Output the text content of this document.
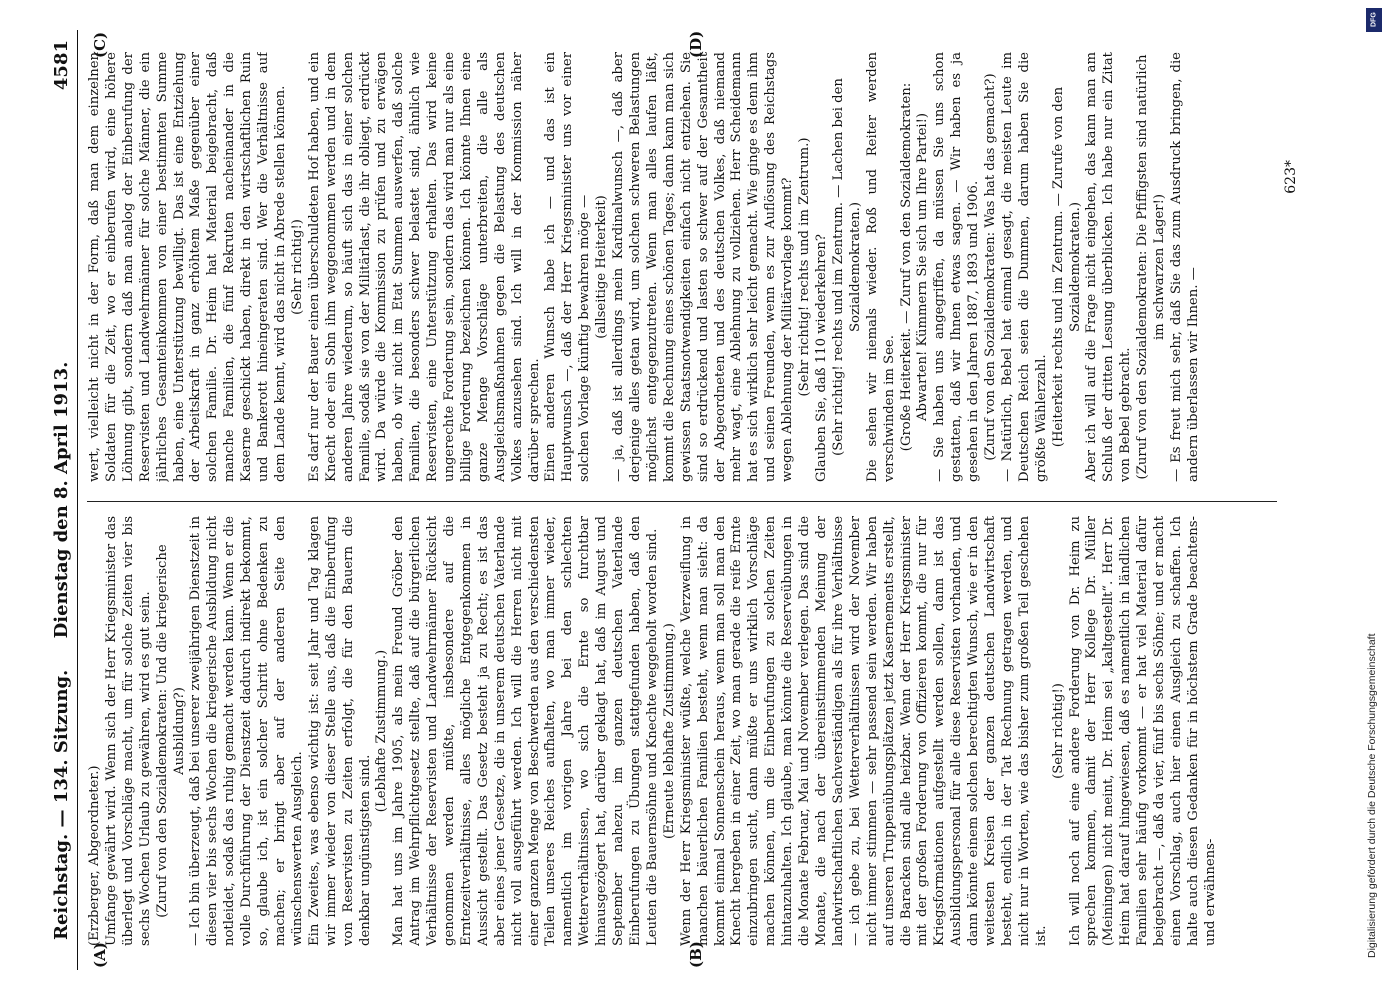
Reichstag. — 134. Sitzung.
Dienstag den 8. April 1913.
4581
(A)	(B)
(C)	(D)

(Erzberger, Abgeordneter.) Umfange gewährt wird. Wenn sich der Herr Kriegsminister das überlegt und Vorschläge macht, um für solche Zeiten vier bis sechs Wochen Urlaub zu gewähren, wird es gut sein. (Zuruf von den Sozialdemokraten: Und die kriegerische Ausbildung?) — Ich bin überzeugt, daß bei unserer zweijährigen Dienstzeit in diesen vier bis sechs Wochen die kriegerische Ausbildung nicht notleidet, sodaß das ruhig gemacht werden kann. Wenn er die volle Durchführung der Dienstzeit dadurch indirekt bekommt, so, glaube ich, ist ein solcher Schritt ohne Bedenken zu machen; er bringt aber auf der anderen Seite den wünschenswerten Ausgleich. Ein Zweites, was ebenso wichtig ist: seit Jahr und Tag klagen wir immer wieder von dieser Stelle aus, daß die Einberufung von Reservisten zu Zeiten erfolgt, die für den Bauern die denkbar ungünstigsten sind.

(Lebhafte Zustimmung.) Man hat uns im Jahre 1905, als mein Freund Gröber den Antrag im Wehrpflichtgesetz stellte, daß auf die bürgerlichen Verhältnisse der Reservisten und Landwehrmänner Rücksicht genommen werden müßte, insbesondere auf die Erntezeitverhältnisse, alles mögliche Entgegenkommen in Aussicht gestellt. Das Gesetz besteht ja zu Recht; es ist das aber eines jener Gesetze, die in unserem deutschen Vaterlande nicht voll ausgeführt werden. Ich will die Herren nicht mit einer ganzen Menge von Beschwerden aus den verschiedensten Teilen unseres Reiches aufhalten, wo man immer wieder, namentlich im vorigen Jahre bei den schlechten Wetterverhältnissen, wo sich die Ernte so furchtbar hinausgezögert hat, darüber geklagt hat, daß im August und September nahezu im ganzen deutschen Vaterlande Einberufungen zu Übungen stattgefunden haben, daß den Leuten die Bauernsöhne und Knechte weggeholt worden sind. (Erneute lebhafte Zustimmung.) Wenn der Herr Kriegsminister wüßte, welche Verzweiflung in manchen bäuerlichen Familien besteht, wenn man sieht: da kommt einmal Sonnenschein heraus, wenn man soll man den Knecht hergeben in einer Zeit, wo man gerade die reife Ernte einzubringen sucht, dann müßte er uns wirklich Vorschläge machen können, um die Einberufungen zu solchen Zeiten hintanzuhalten. Ich glaube, man könnte die Reserveübungen in die Monate Februar, Mai und November verlegen. Das sind die Monate, die nach der übereinstimmenden Meinung der landwirtschaftlichen Sachverständigen als für ihre Verhältnisse — ich gebe zu, bei Wetterverhältnissen wird der November nicht immer stimmen — sehr passend sein werden. Wir haben auf unseren Truppenübungsplätzen jetzt Kasernements erstellt, die Baracken sind alle heizbar. Wenn der Herr Kriegsminister mit der großen Forderung von Offizieren kommt, die nur für Kriegsformationen aufgestellt werden sollen, dann ist das Ausbildungspersonal für alle diese Reservisten vorhanden, und dann könnte einem solchen berechtigten Wunsch, wie er in den weitesten Kreisen der ganzen deutschen Landwirtschaft besteht, endlich in der Tat Rechnung getragen werden, und nicht nur in Worten, wie das bisher zum großen Teil geschehen ist.

(Sehr richtig!) Ich will noch auf eine andere Forderung von Dr. Heim zu sprechen kommen, damit der Herr Kollege Dr. Müller (Meiningen) nicht meint, Dr. Heim sei „kaltgestellt“. Herr Dr. Heim hat darauf hingewiesen, daß es namentlich in ländlichen Familien sehr häufig vorkommt — er hat viel Material dafür beigebracht —, daß da vier, fünf bis sechs Söhne; und er macht einen Vorschlag, auch hier einen Ausgleich zu schaffen. Ich halte auch diesen Gedanken für in höchstem Grade beachtens- und erwähnens-

wert, vielleicht nicht in der Form, daß man dem einzelnen Soldaten für die Zeit, wo er einberufen wird, eine höhere Löhnung gibt, sondern daß man analog der Einberufung der Reservisten und Landwehrmänner für solche Männer, die ein jährliches Gesamteinkommen von einer bestimmten Summe haben, eine Unterstützung bewilligt. Das ist eine Entziehung der Arbeitskraft in ganz erhöhtem Maße gegenüber einer solchen Familie. Dr. Heim hat Material beigebracht, daß manche Familien, die fünf Rekruten nacheinander in die Kaserne geschickt haben, direkt in den wirtschaftlichen Ruin und Bankerott hineingeraten sind. Wer die Verhältnisse auf dem Lande kennt, wird das nicht in Abrede stellen können. (Sehr richtig!) Es darf nur der Bauer einen überschuldeten Hof haben, und ein Knecht oder ein Sohn ihm weggenommen werden und in dem anderen Jahre wiederum, so häuft sich das in einer solchen Familie, sodaß sie von der Militärlast, die ihr obliegt, erdrückt wird. Da würde die Kommission zu prüfen und zu erwägen haben, ob wir nicht im Etat Summen auswerfen, daß solche Familien, die besonders schwer belastet sind, ähnlich wie Reservisten, eine Unterstützung erhalten. Das wird keine ungerechte Forderung sein, sondern das wird man nur als eine billige Forderung bezeichnen können. Ich könnte Ihnen eine ganze Menge Vorschläge unterbreiten, die alle als Ausgleichsmaßnahmen gegen die Belastung des deutschen Volkes anzusehen sind. Ich will in der Kommission näher darüber sprechen. Einen anderen Wunsch habe ich — und das ist ein Hauptwunsch —, daß der Herr Kriegsminister uns vor einer solchen Vorlage künftig bewahren möge — (allseitige Heiterkeit) — ja, daß ist allerdings mein Kardinalwunsch —, daß aber derjenige alles getan wird, um solchen schweren Belastungen möglichst entgegenzutreten. Wenn man alles laufen läßt, kommt die Rechnung eines schönen Tages; dann kann man sich gewissen Staatsnotwendigkeiten einfach nicht entziehen. Sie sind so erdrückend und lasten so schwer auf der Gesamtheit der Abgeordneten und des deutschen Volkes, daß niemand mehr wagt, eine Ablehnung zu vollziehen. Herr Scheidemann hat es sich wirklich sehr leicht gemacht. Wie ginge es denn ihm und seinen Freunden, wenn es zur Auflösung des Reichstags wegen Ablehnung der Militärvorlage kommt? (Sehr richtig! rechts und im Zentrum.) Glauben Sie, daß 110 wiederkehren? (Sehr richtig! rechts und im Zentrum. — Lachen bei den Sozialdemokraten.) Die sehen wir niemals wieder. Roß und Reiter werden verschwinden im See. (Große Heiterkeit. — Zuruf von den Sozialdemokraten: Abwarten! Kümmern Sie sich um Ihre Partei!) — Sie haben uns angegriffen, da müssen Sie uns schon gestatten, daß wir Ihnen etwas sagen. — Wir haben es ja gesehen in den Jahren 1887, 1893 und 1906. (Zuruf von den Sozialdemokraten: Was hat das gemacht?) — Natürlich, Bebel hat einmal gesagt, die meisten Leute im Deutschen Reich seien die Dummen, darum haben Sie die größte Wählerzahl. (Heiterkeit rechts und im Zentrum. — Zurufe von den Sozialdemokraten.) Aber ich will auf die Frage nicht eingehen, das kann man am Schluß der dritten Lesung überblicken. Ich habe nur ein Zitat von Bebel gebracht. (Zuruf von den Sozialdemokraten: Die Pfiffigsten sind natürlich im schwarzen Lager!) — Es freut mich sehr, daß Sie das zum Ausdruck bringen, die andern überlassen wir Ihnen. —

623*
DFG
Digitalisierung gefördert durch die Deutsche Forschungsgemeinschaft
